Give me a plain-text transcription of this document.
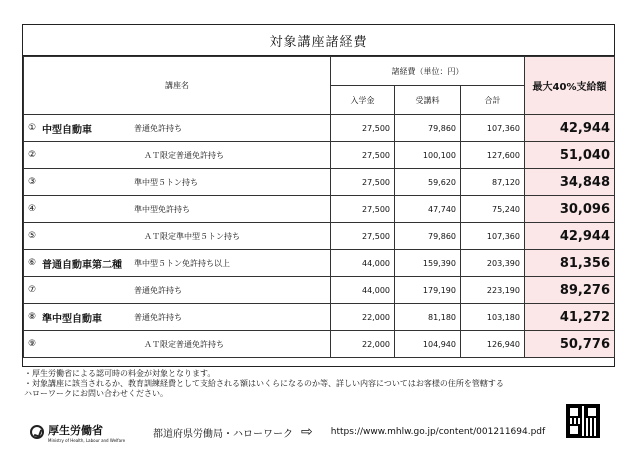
対象講座諸経費
講座名	諸経費（単位：円）			最大40%支給額
	入学金	受講料	合計	

① 中型自動車 普通免許持ち	27,500	79,860	107,360	42,944

② ＡＴ限定普通免許持ち	27,500	100,100	127,600	51,040

③ 準中型５トン持ち	27,500	59,620	87,120	34,848

④ 準中型免許持ち	27,500	47,740	75,240	30,096

⑤ ＡＴ限定準中型５トン持ち	27,500	79,860	107,360	42,944

⑥ 普通自動車第二種 準中型５トン免許持ち以上	44,000	159,390	203,390	81,356

⑦ 普通免許持ち	44,000	179,190	223,190	89,276

⑧ 準中型自動車 普通免許持ち	22,000	81,180	103,180	41,272

⑨ ＡＴ限定普通免許持ち	22,000	104,940	126,940	50,776
・厚生労働省による認可時の料金が対象となります。
・対象講座に該当されるか、教育訓練経費として支給される額はいくらになるのか等、詳しい内容についてはお客様の住所を管轄する
ハローワークにお問い合わせください。
厚生労働省
Ministry of Health, Labour and Welfare
都道府県労働局・ハローワーク ⇨ https://www.mhlw.go.jp/content/001211694.pdf
